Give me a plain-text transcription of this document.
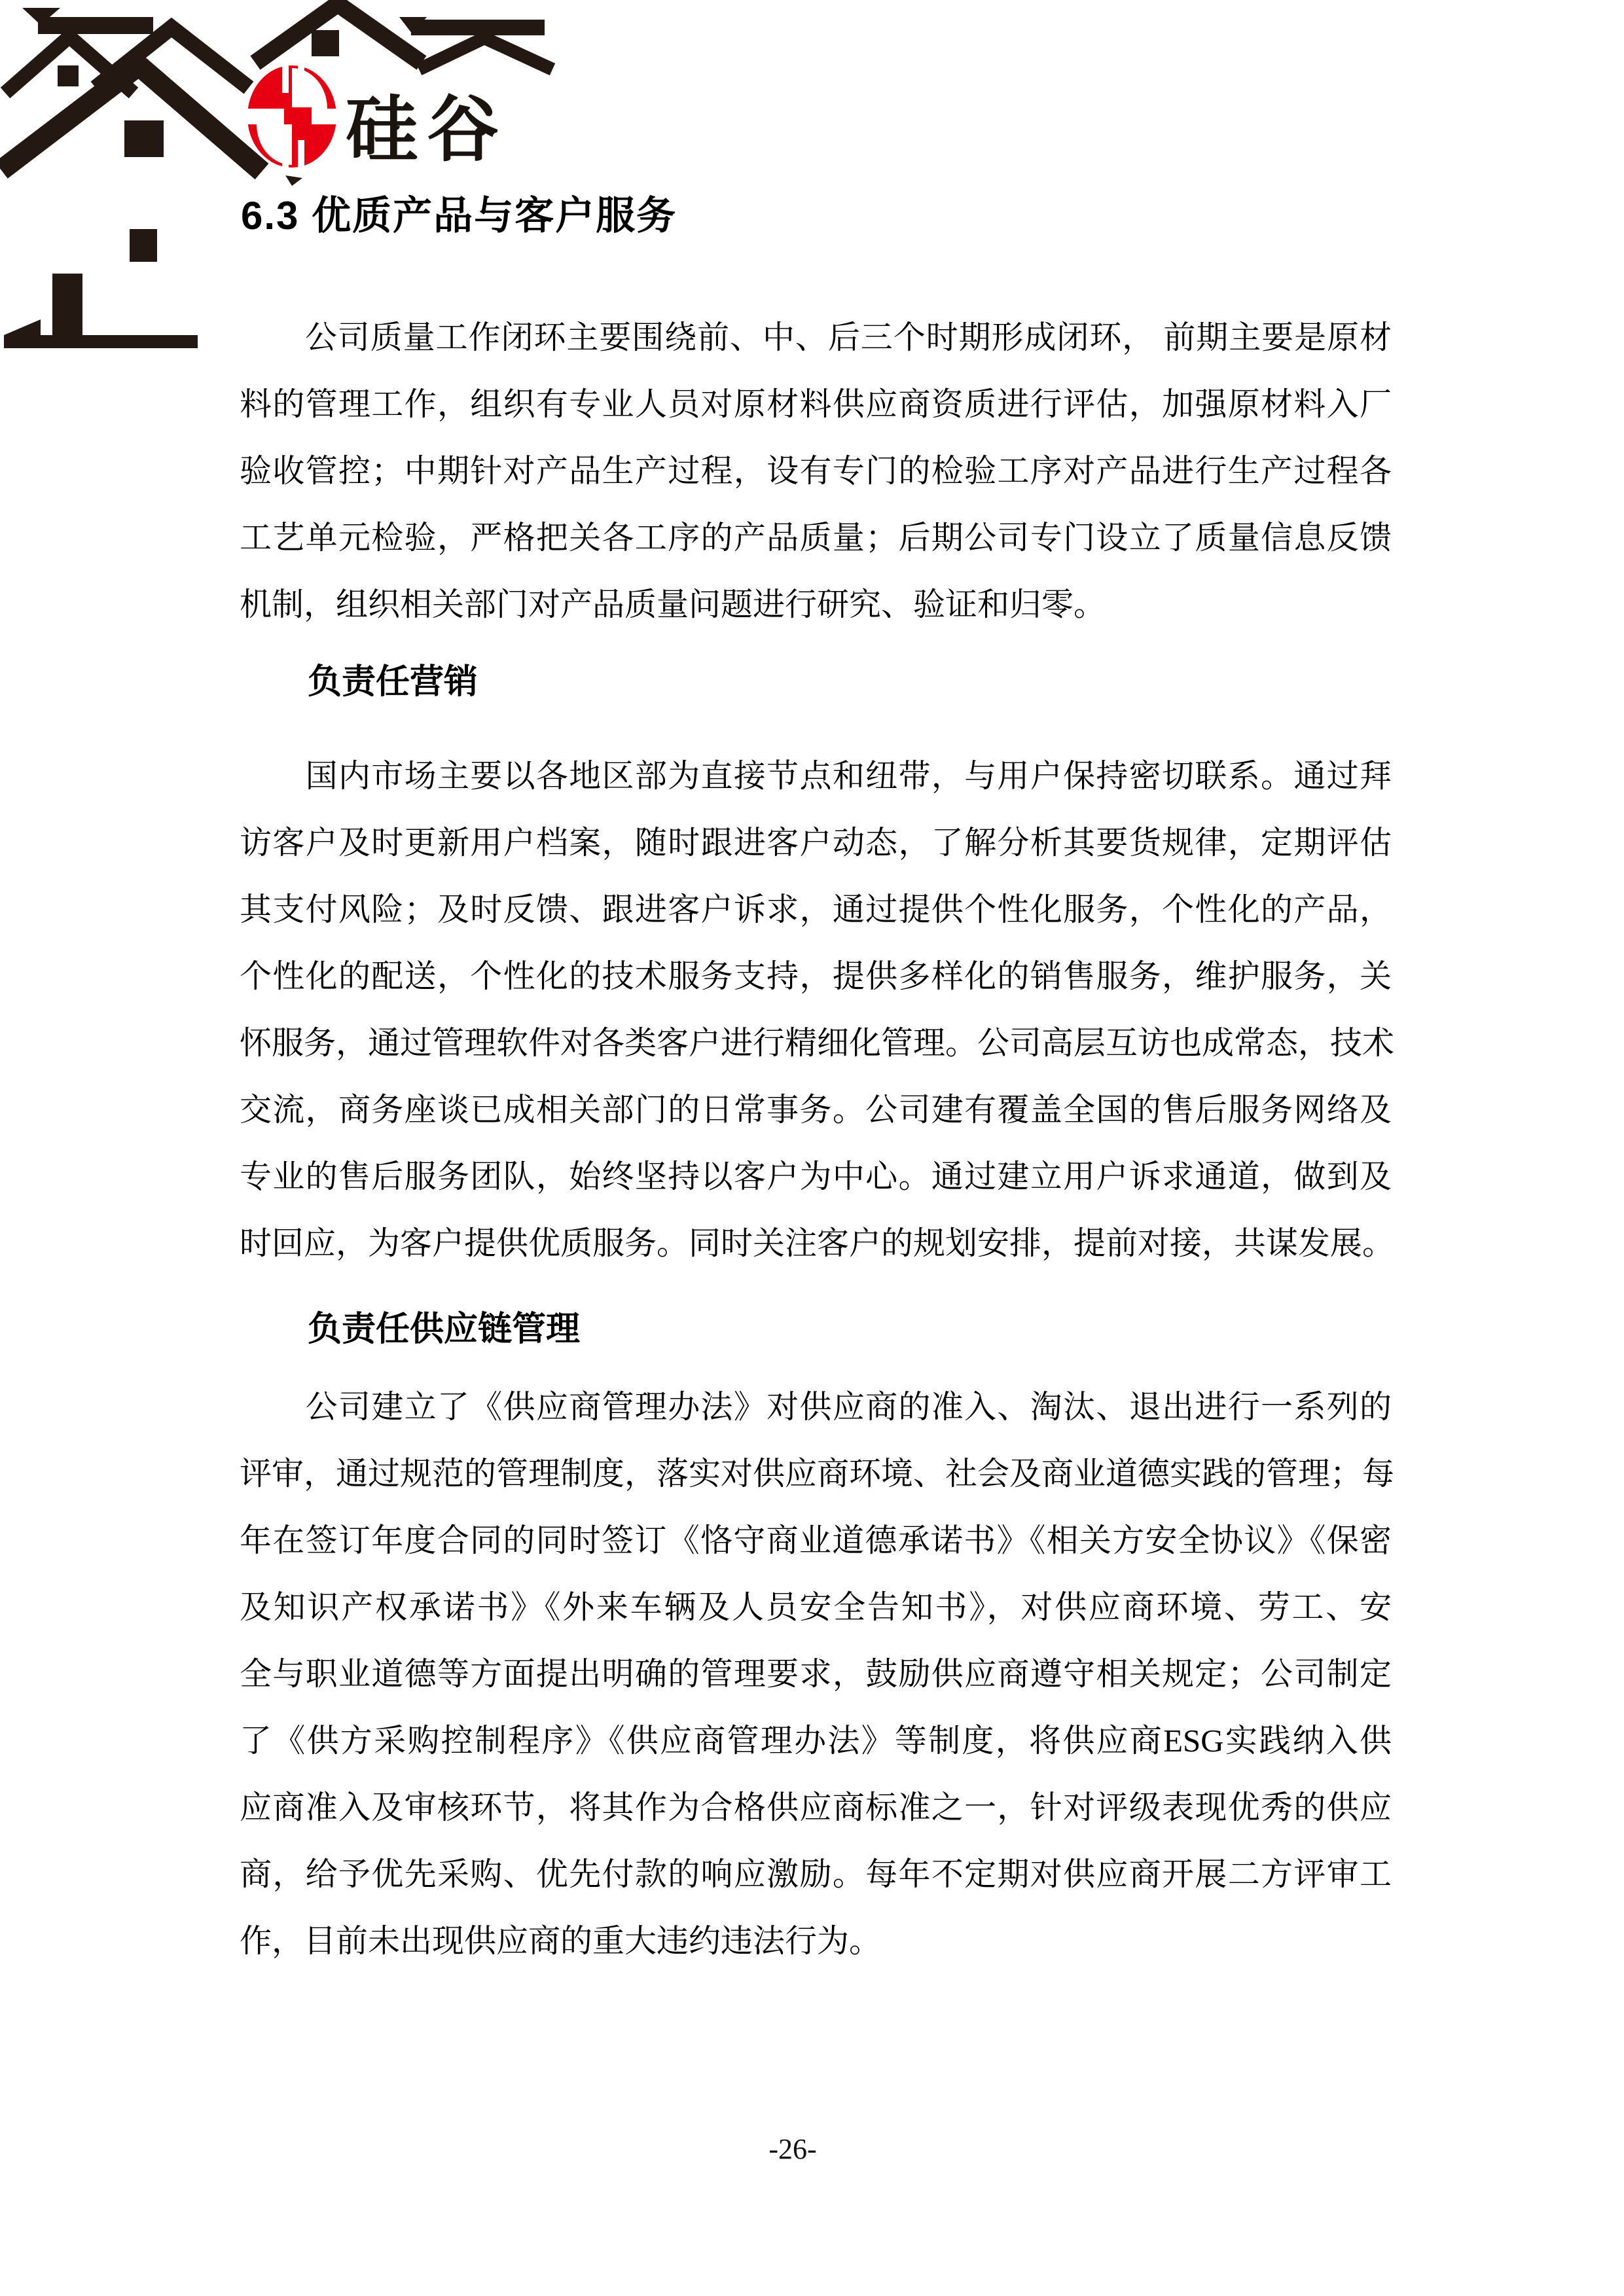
硅谷
6.3 优质产品与客户服务
　　公司质量工作闭环主要围绕前、中、后三个时期形成闭环， 前期主要是原材
料的管理工作，组织有专业人员对原材料供应商资质进行评估，加强原材料入厂
验收管控；中期针对产品生产过程，设有专门的检验工序对产品进行生产过程各
工艺单元检验，严格把关各工序的产品质量；后期公司专门设立了质量信息反馈
机制，组织相关部门对产品质量问题进行研究、验证和归零。
负责任营销
　　国内市场主要以各地区部为直接节点和纽带，与用户保持密切联系。通过拜
访客户及时更新用户档案，随时跟进客户动态，了解分析其要货规律，定期评估
其支付风险；及时反馈、跟进客户诉求，通过提供个性化服务，个性化的产品，
个性化的配送，个性化的技术服务支持，提供多样化的销售服务，维护服务，关
怀服务，通过管理软件对各类客户进行精细化管理。公司高层互访也成常态，技术
交流，商务座谈已成相关部门的日常事务。公司建有覆盖全国的售后服务网络及
专业的售后服务团队，始终坚持以客户为中心。通过建立用户诉求通道，做到及
时回应，为客户提供优质服务。同时关注客户的规划安排，提前对接，共谋发展。
负责任供应链管理
　　公司建立了《供应商管理办法》对供应商的准入、淘汰、退出进行一系列的
评审，通过规范的管理制度，落实对供应商环境、社会及商业道德实践的管理；每
年在签订年度合同的同时签订《恪守商业道德承诺书》《相关方安全协议》《保密
及知识产权承诺书》《外来车辆及人员安全告知书》，对供应商环境、劳工、安
全与职业道德等方面提出明确的管理要求，鼓励供应商遵守相关规定；公司制定
了《供方采购控制程序》《供应商管理办法》等制度，将供应商ESG实践纳入供
应商准入及审核环节，将其作为合格供应商标准之一，针对评级表现优秀的供应
商，给予优先采购、优先付款的响应激励。每年不定期对供应商开展二方评审工
作，目前未出现供应商的重大违约违法行为。
-26-
